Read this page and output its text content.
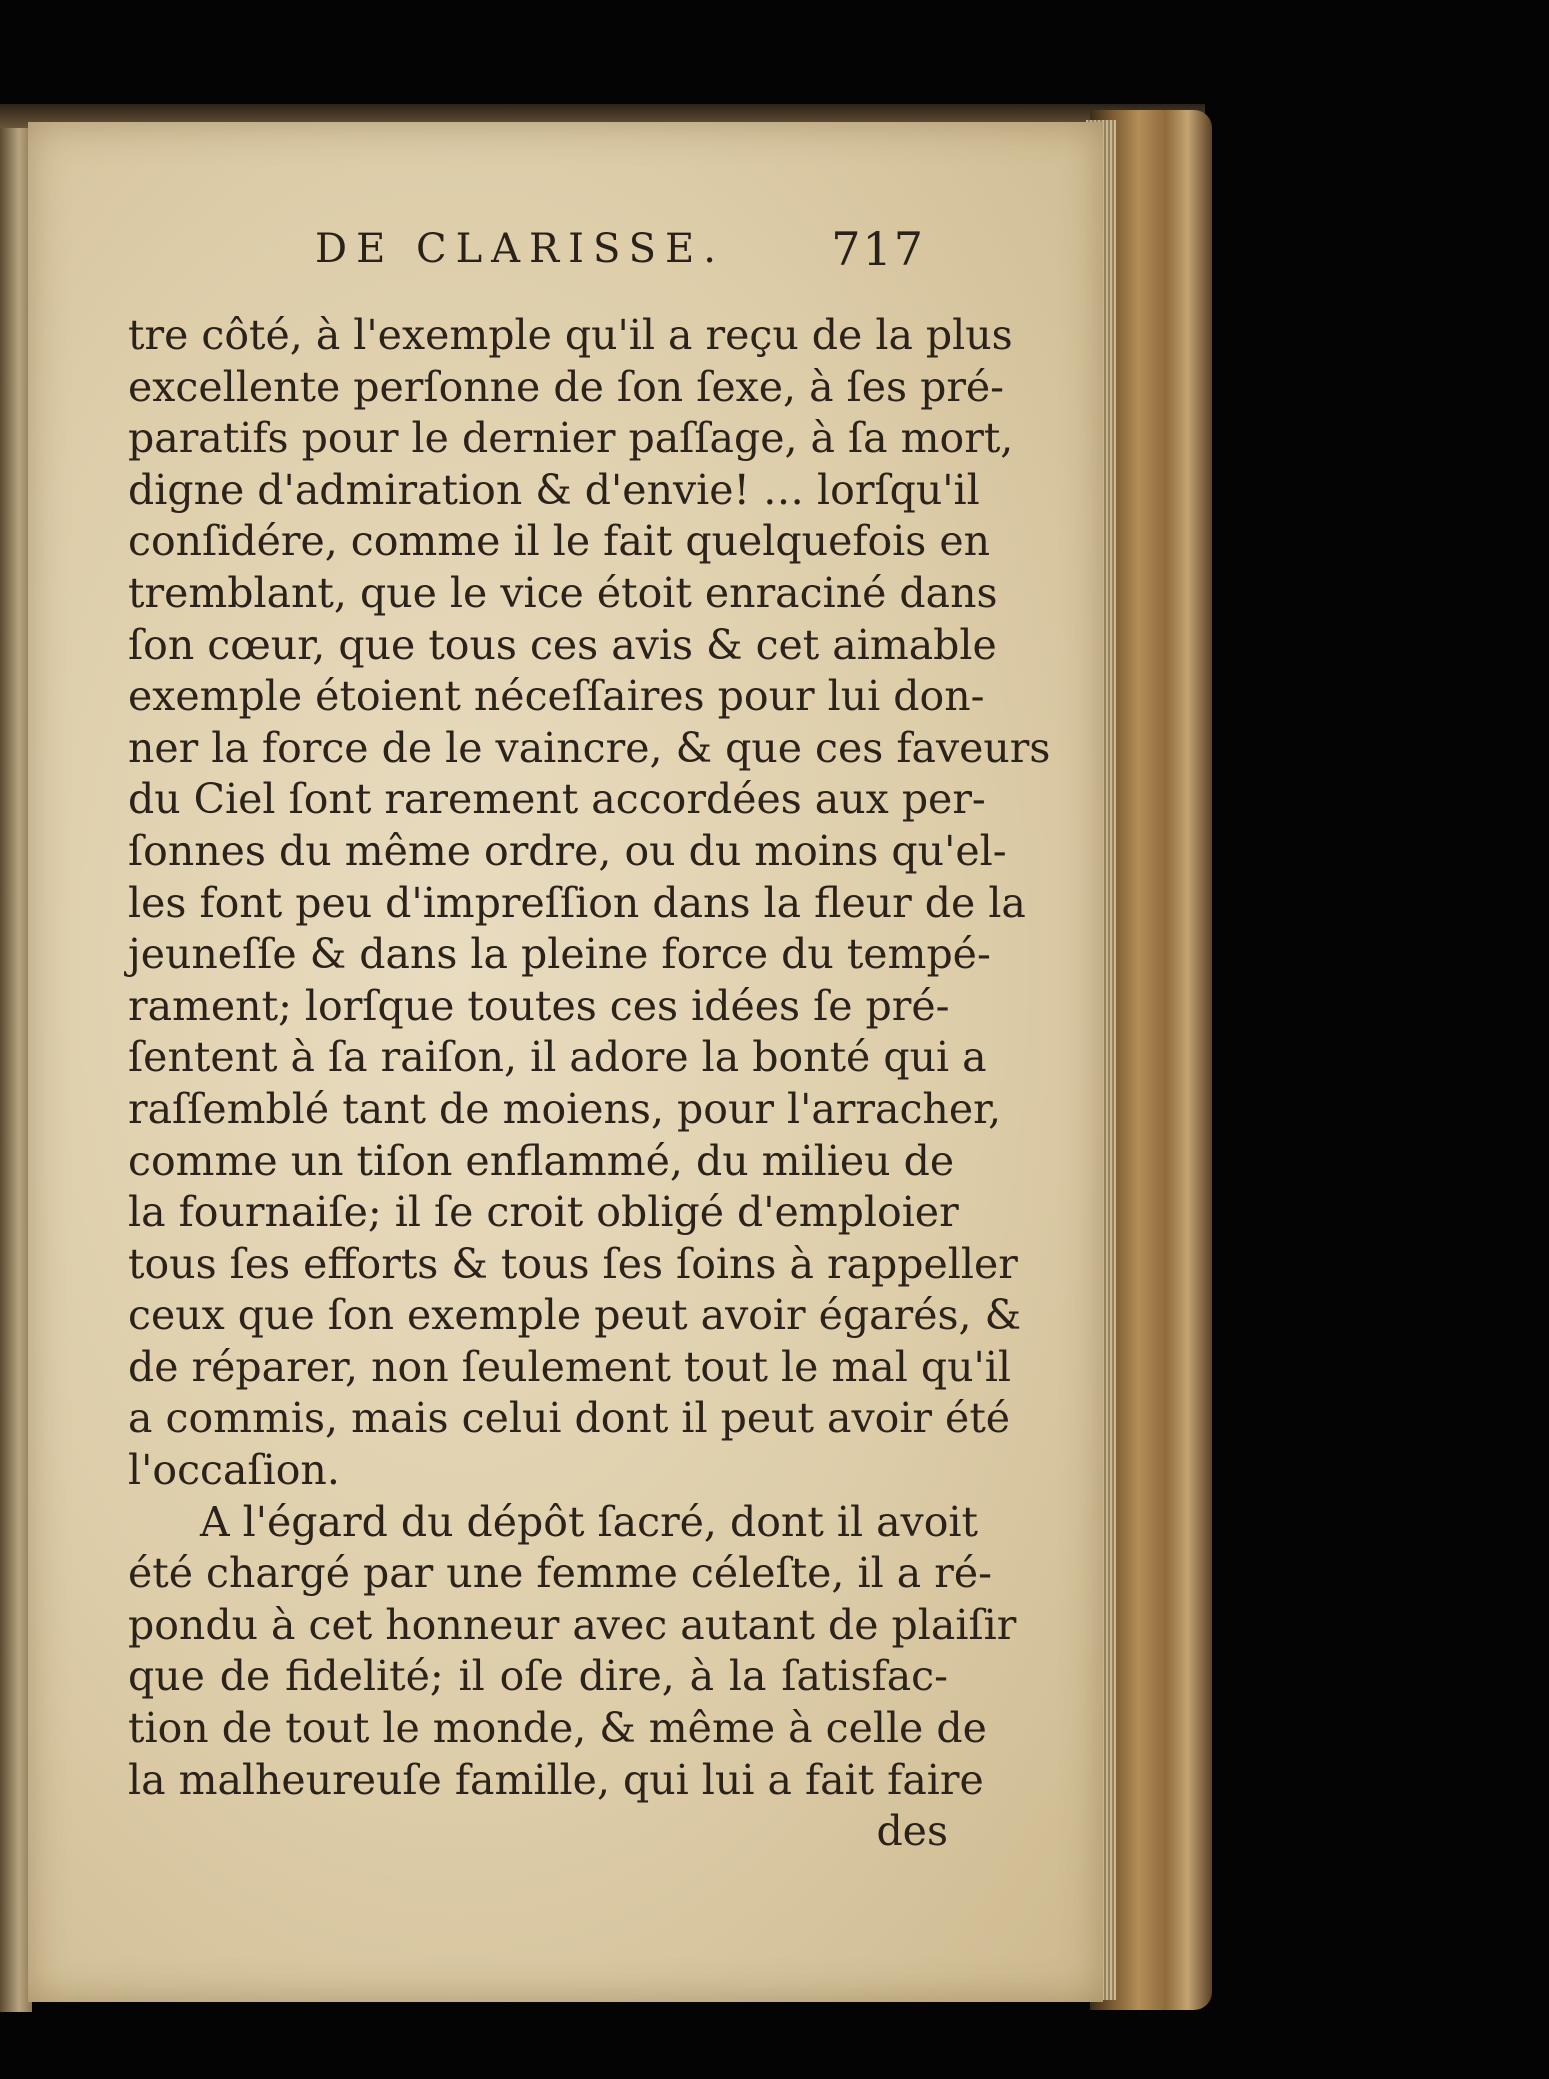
DE CLARISSE. 717
tre côté, à l'exemple qu'il a reçu de la plus
excellente perſonne de ſon ſexe, à ſes pré-
paratifs pour le dernier paſſage, à ſa mort,
digne d'admiration & d'envie! … lorſqu'il
conſidére, comme il le fait quelquefois en
tremblant, que le vice étoit enraciné dans
ſon cœur, que tous ces avis & cet aimable
exemple étoient néceſſaires pour lui don-
ner la force de le vaincre, & que ces faveurs
du Ciel ſont rarement accordées aux per-
ſonnes du même ordre, ou du moins qu'el-
les font peu d'impreſſion dans la fleur de la
jeuneſſe & dans la pleine force du tempé-
rament; lorſque toutes ces idées ſe pré-
ſentent à ſa raiſon, il adore la bonté qui a
raſſemblé tant de moiens, pour l'arracher,
comme un tiſon enflammé, du milieu de
la fournaiſe; il ſe croit obligé d'emploier
tous ſes efforts & tous ſes ſoins à rappeller
ceux que ſon exemple peut avoir égarés, &
de réparer, non ſeulement tout le mal qu'il
a commis, mais celui dont il peut avoir été
l'occaſion.
A l'égard du dépôt ſacré, dont il avoit
été chargé par une femme céleſte, il a ré-
pondu à cet honneur avec autant de plaiſir
que de fidelité; il oſe dire, à la ſatisfac-
tion de tout le monde, & même à celle de
la malheureuſe famille, qui lui a fait faire
des
